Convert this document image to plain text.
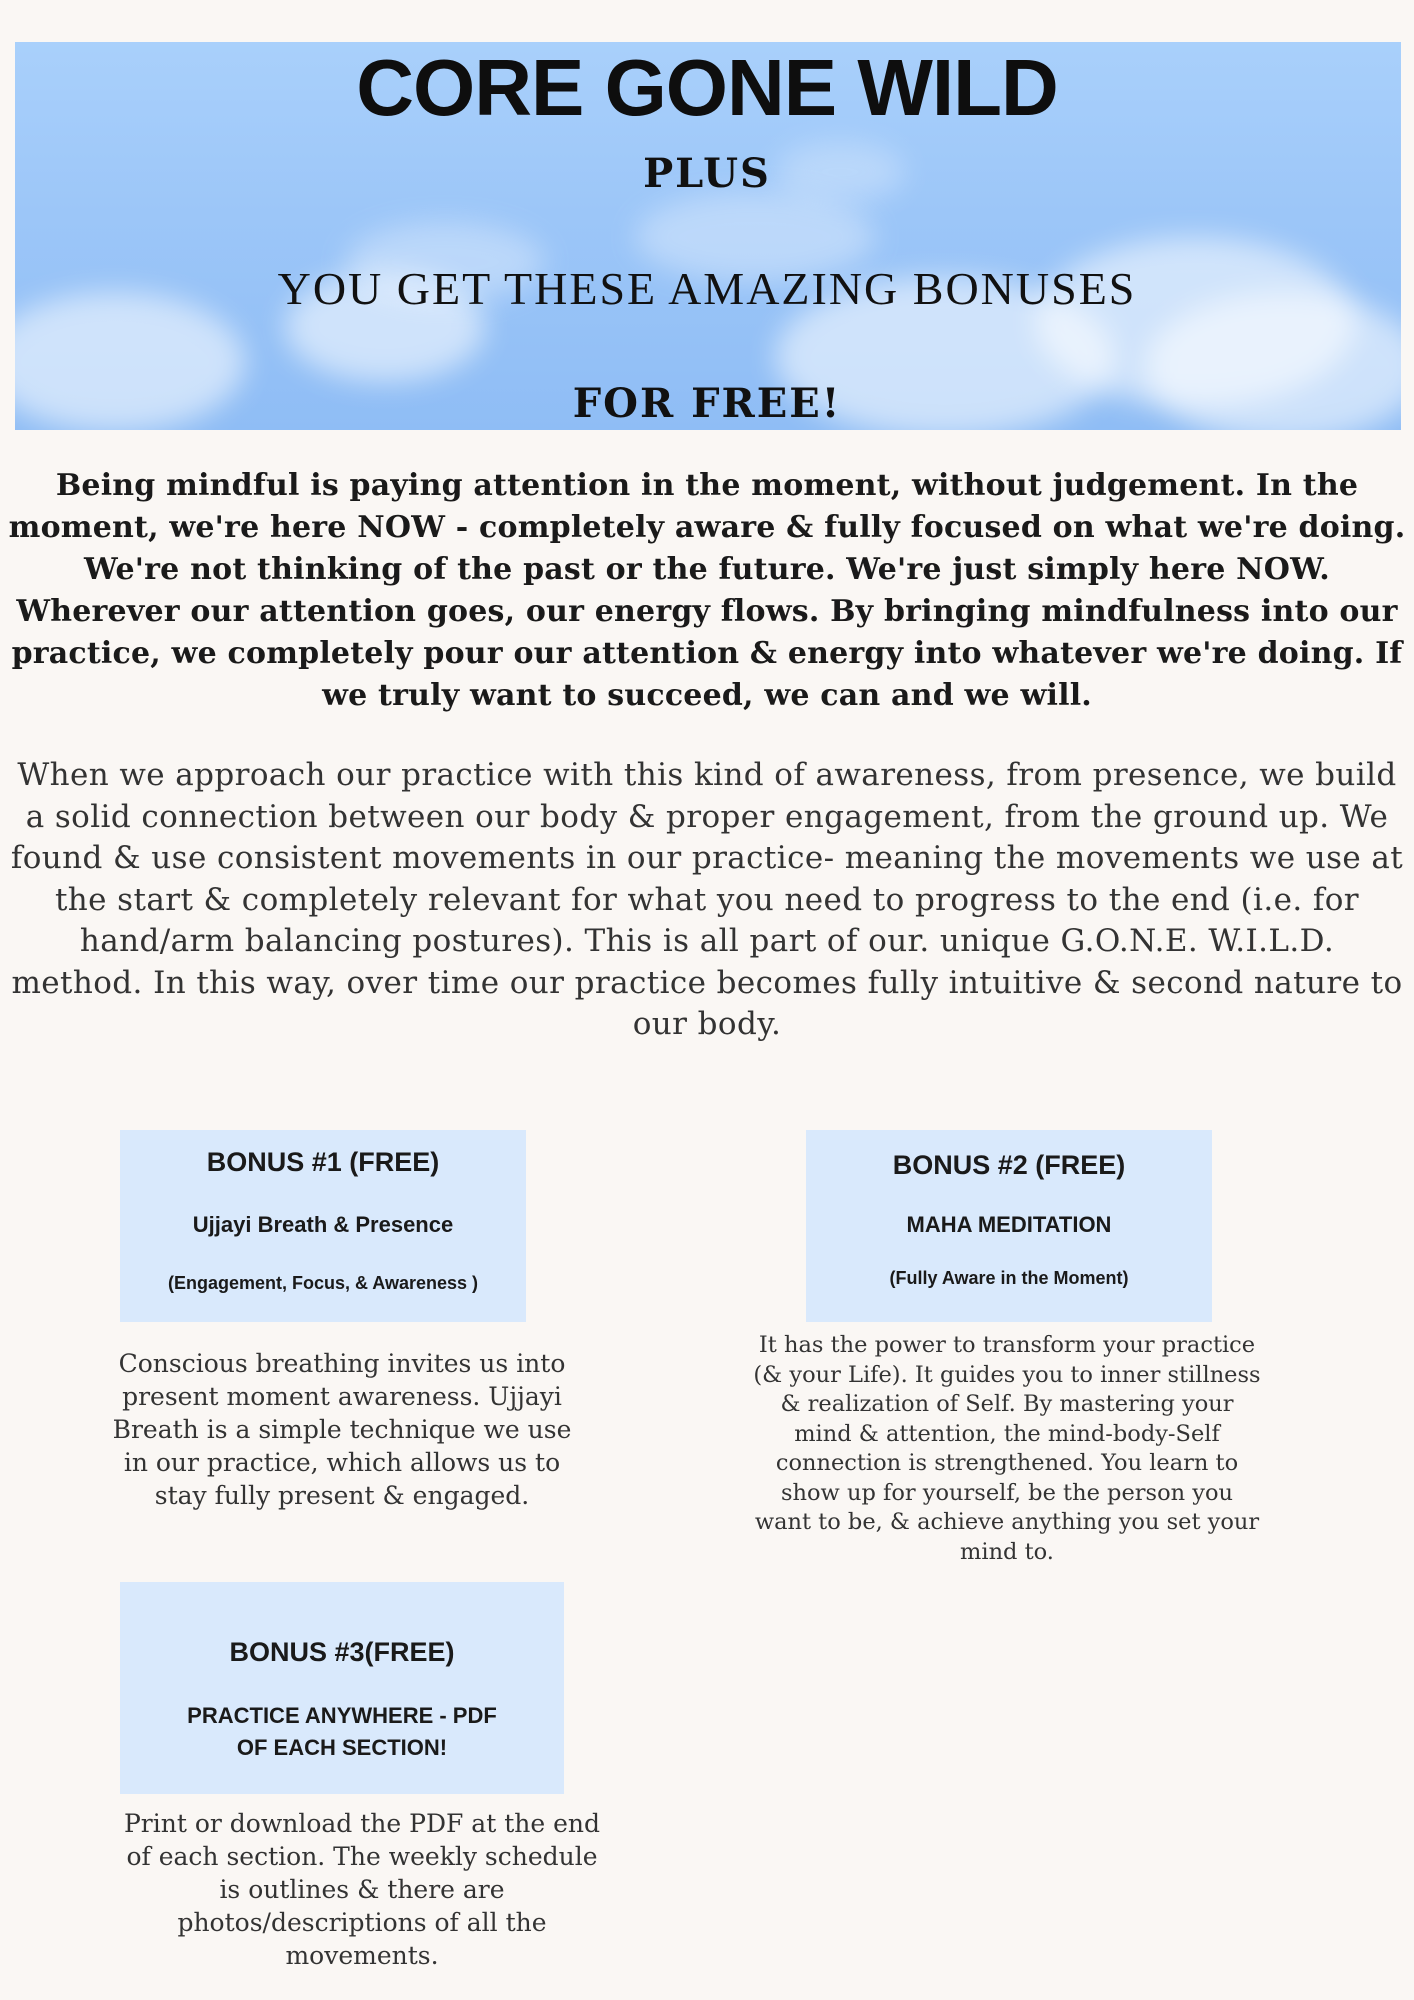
CORE GONE WILD
PLUS
YOU GET THESE AMAZING BONUSES
FOR FREE!
Being mindful is paying attention in the moment, without judgement. In the moment, we're here NOW - completely aware & fully focused on what we're doing. We're not thinking of the past or the future. We're just simply here NOW. Wherever our attention goes, our energy flows. By bringing mindfulness into our practice, we completely pour our attention & energy into whatever we're doing. If we truly want to succeed, we can and we will.
When we approach our practice with this kind of awareness, from presence, we build a solid connection between our body & proper engagement, from the ground up. We found & use consistent movements in our practice- meaning the movements we use at the start & completely relevant for what you need to progress to the end (i.e. for hand/arm balancing postures). This is all part of our. unique G.O.N.E. W.I.L.D. method. In this way, over time our practice becomes fully intuitive & second nature to our body.
BONUS #1 (FREE)
Ujjayi Breath & Presence
(Engagement, Focus, & Awareness )
Conscious breathing invites us into present moment awareness. Ujjayi Breath is a simple technique we use in our practice, which allows us to stay fully present & engaged.
BONUS #2 (FREE)
MAHA MEDITATION
(Fully Aware in the Moment)
It has the power to transform your practice (& your Life). It guides you to inner stillness & realization of Self. By mastering your mind & attention, the mind-body-Self connection is strengthened. You learn to show up for yourself, be the person you want to be, & achieve anything you set your mind to.
BONUS #3(FREE)
PRACTICE ANYWHERE - PDF OF EACH SECTION!
Print or download the PDF at the end of each section. The weekly schedule is outlines & there are photos/descriptions of all the movements.
